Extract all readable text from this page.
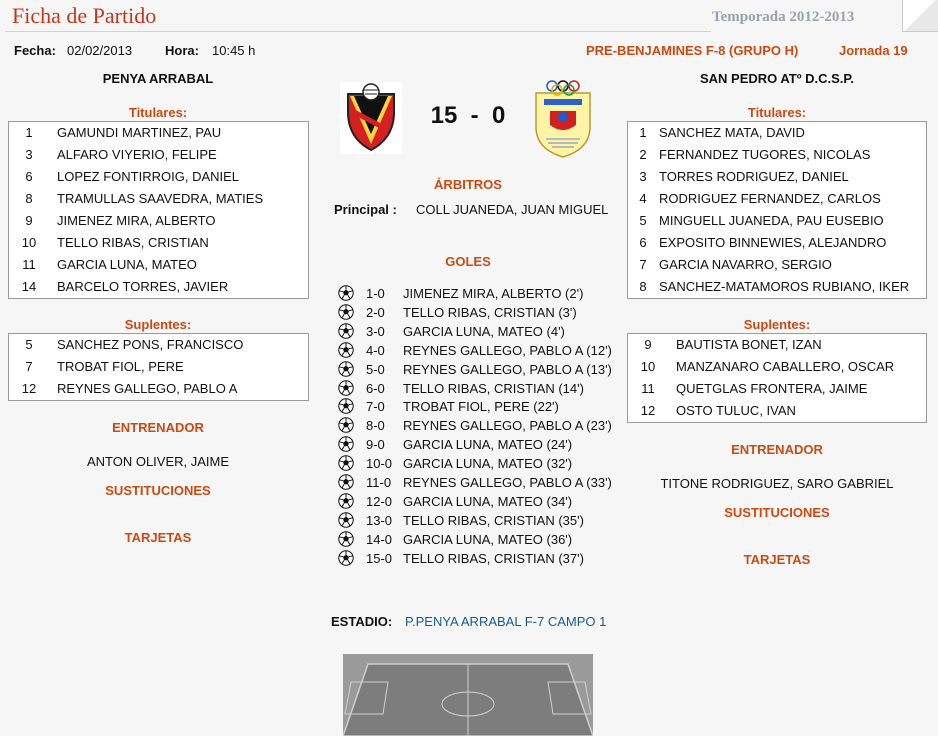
Ficha de Partido	Temporada 2012-2013
Fecha: 02/02/2013	Hora: 10:45 h	PRE-BENJAMINES F-8 (GRUPO H)	Jornada 19
PENYA ARRABAL	SAN PEDRO ATº D.C.S.P.
15  -  0
Titulares:
1	GAMUNDI MARTINEZ, PAU
3	ALFARO VIYERIO, FELIPE
6	LOPEZ FONTIRROIG, DANIEL
8	TRAMULLAS SAAVEDRA, MATIES
9	JIMENEZ MIRA, ALBERTO
10	TELLO RIBAS, CRISTIAN
11	GARCIA LUNA, MATEO
14	BARCELO TORRES, JAVIER
Suplentes:
5	SANCHEZ PONS, FRANCISCO
7	TROBAT FIOL, PERE
12	REYNES GALLEGO, PABLO A
ENTRENADOR
ANTON OLIVER, JAIME
SUSTITUCIONES
TARJETAS
Titulares:
1 SANCHEZ MATA, DAVID
2 FERNANDEZ TUGORES, NICOLAS
3 TORRES RODRIGUEZ, DANIEL
4 RODRIGUEZ FERNANDEZ, CARLOS
5 MINGUELL JUANEDA, PAU EUSEBIO
6 EXPOSITO BINNEWIES, ALEJANDRO
7 GARCIA NAVARRO, SERGIO
8 SANCHEZ-MATAMOROS RUBIANO, IKER
Suplentes:
9	BAUTISTA BONET, IZAN
10	MANZANARO CABALLERO, OSCAR
11	QUETGLAS FRONTERA, JAIME
12	OSTO TULUC, IVAN
ENTRENADOR
TITONE RODRIGUEZ, SARO GABRIEL
SUSTITUCIONES
TARJETAS
ÁRBITROS
Principal : COLL JUANEDA, JUAN MIGUEL
GOLES
1-0 JIMENEZ MIRA, ALBERTO (2')
2-0 TELLO RIBAS, CRISTIAN (3')
3-0 GARCIA LUNA, MATEO (4')
4-0 REYNES GALLEGO, PABLO A (12')
5-0 REYNES GALLEGO, PABLO A (13')
6-0 TELLO RIBAS, CRISTIAN (14')
7-0 TROBAT FIOL, PERE (22')
8-0 REYNES GALLEGO, PABLO A (23')
9-0 GARCIA LUNA, MATEO (24')
10-0 GARCIA LUNA, MATEO (32')
11-0 REYNES GALLEGO, PABLO A (33')
12-0 GARCIA LUNA, MATEO (34')
13-0 TELLO RIBAS, CRISTIAN (35')
14-0 GARCIA LUNA, MATEO (36')
15-0 TELLO RIBAS, CRISTIAN (37')
ESTADIO: P.PENYA ARRABAL F-7 CAMPO 1
